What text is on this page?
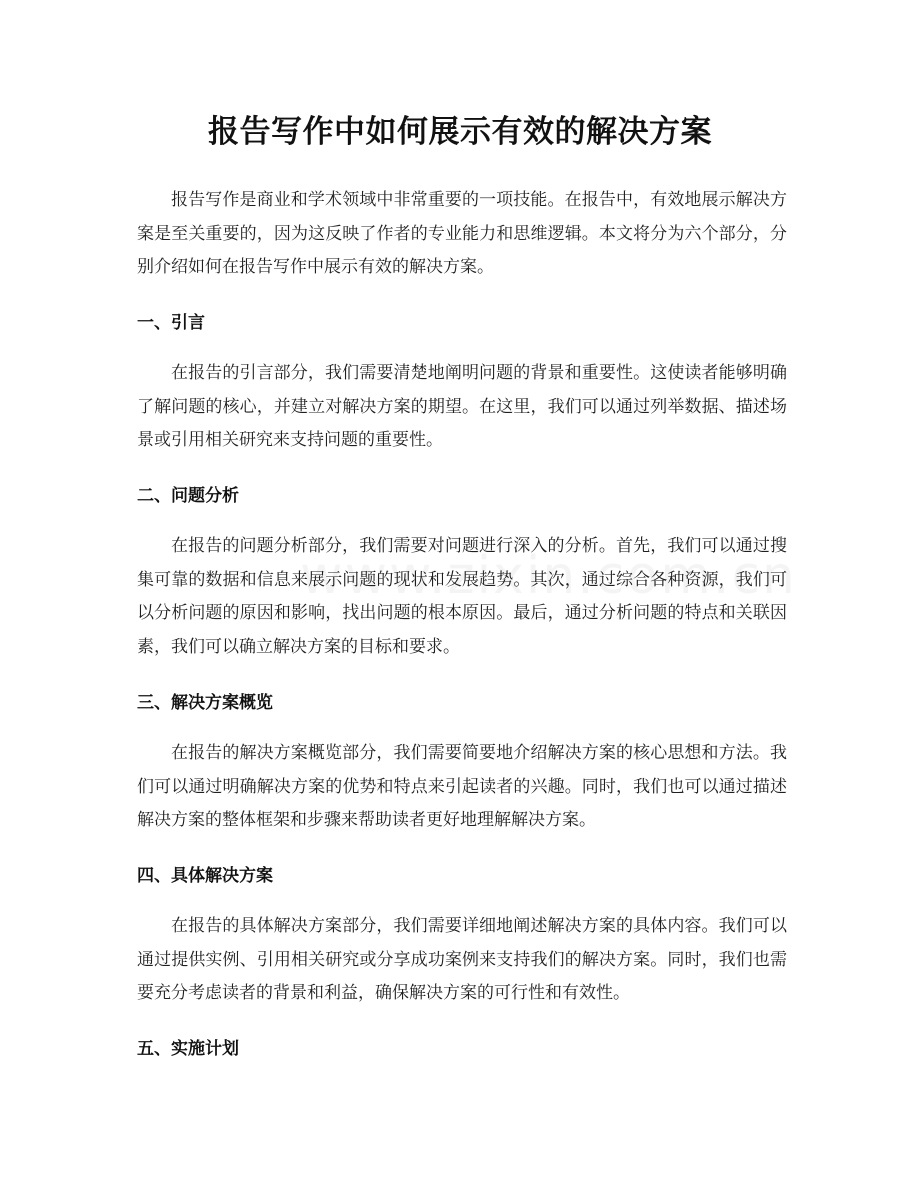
报告写作中如何展示有效的解决方案

报告写作是商业和学术领域中非常重要的一项技能。在报告中，有效地展示解决方案是至关重要的，因为这反映了作者的专业能力和思维逻辑。本文将分为六个部分，分别介绍如何在报告写作中展示有效的解决方案。

一、引言

在报告的引言部分，我们需要清楚地阐明问题的背景和重要性。这使读者能够明确了解问题的核心，并建立对解决方案的期望。在这里，我们可以通过列举数据、描述场景或引用相关研究来支持问题的重要性。

二、问题分析

在报告的问题分析部分，我们需要对问题进行深入的分析。首先，我们可以通过搜集可靠的数据和信息来展示问题的现状和发展趋势。其次，通过综合各种资源，我们可以分析问题的原因和影响，找出问题的根本原因。最后，通过分析问题的特点和关联因素，我们可以确立解决方案的目标和要求。

三、解决方案概览

在报告的解决方案概览部分，我们需要简要地介绍解决方案的核心思想和方法。我们可以通过明确解决方案的优势和特点来引起读者的兴趣。同时，我们也可以通过描述解决方案的整体框架和步骤来帮助读者更好地理解解决方案。

四、具体解决方案

在报告的具体解决方案部分，我们需要详细地阐述解决方案的具体内容。我们可以通过提供实例、引用相关研究或分享成功案例来支持我们的解决方案。同时，我们也需要充分考虑读者的背景和利益，确保解决方案的可行性和有效性。

五、实施计划
